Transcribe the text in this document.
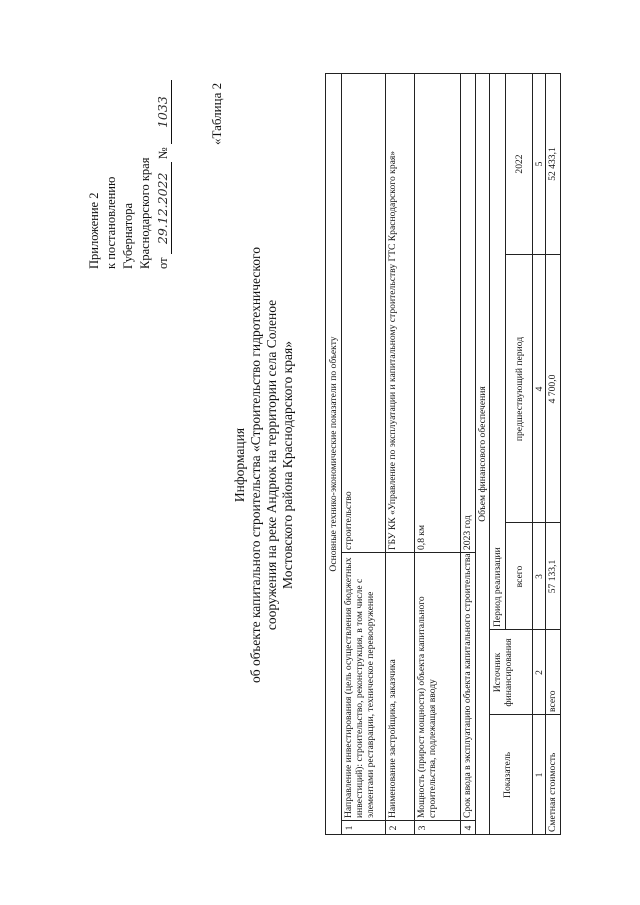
Приложение 2 к постановлению Губернатора Краснодарского края от 29.12.2022 № 1033	«Таблица 2
Информация об объекте капитального строительства «Строительство гидротехнического сооружения на реке Андрюк на территории села Соленое Мостовского района Краснодарского края»	Основные технико-экономические показатели по объекту
1
Направление инвестирования (цель осуществления бюджетных инвестиций): строительство, реконструкция, в том числе с элементами реставрации, техническое перевооружение
строительство
2
Наименование застройщика, заказчика
ГБУ КК «Управление по эксплуатации и капитальному строительству ГТС Краснодарского края»
3
Мощность (прирост мощности) объекта капитального строительства, подлежащая вводу
0,8 км
4
Срок ввода в эксплуатацию объекта капитального строительства
2023 год
Объем финансового обеспечения
Показатель
Источник финансирования
Период реализации всего
предшествующий период
2022
1
2
3
4
5
Сметная стоимость
всего
57 133,1
4 700,0
52 433,1
